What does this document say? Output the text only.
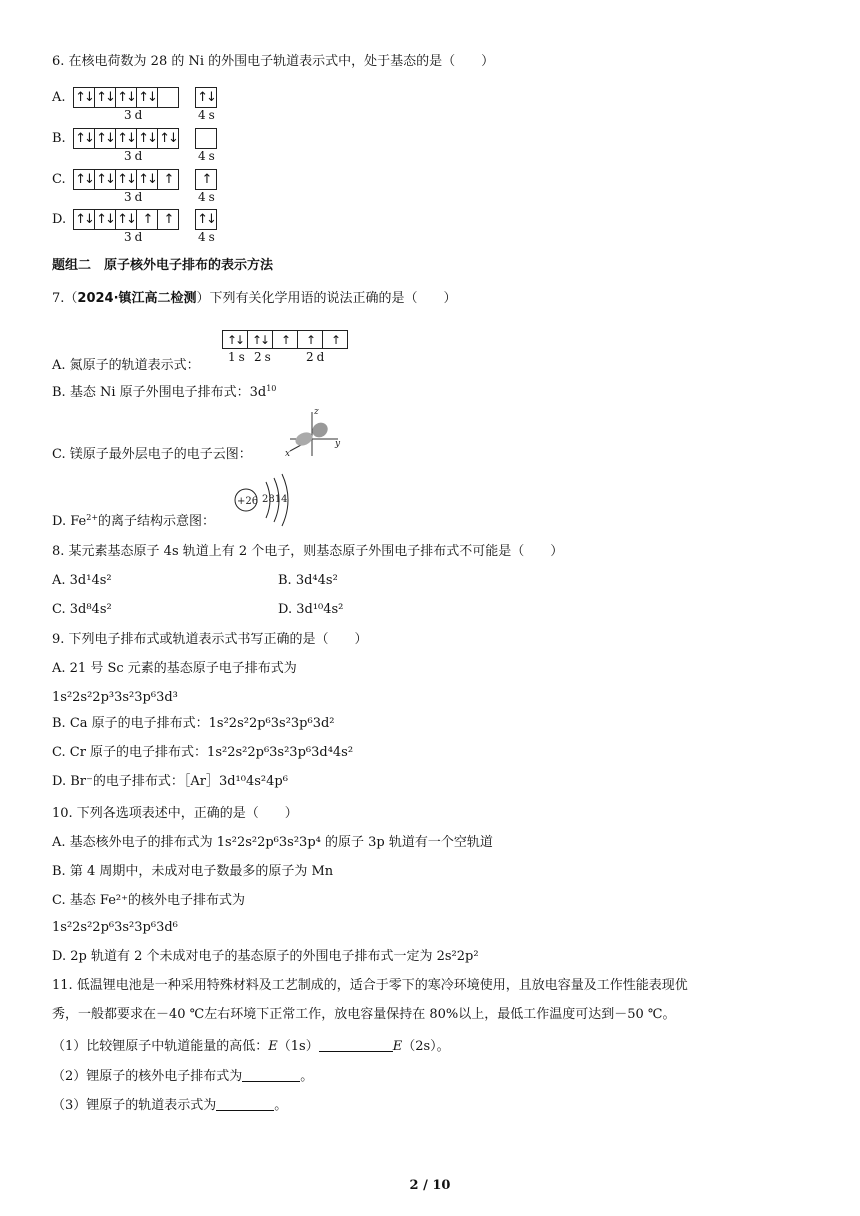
6. 在核电荷数为 28 的 Ni 的外围电子轨道表示式中，处于基态的是（　　）
A. ↑↓ ↑↓ ↑↓ ↑↓	↑↓
3d	4s
B. ↑↓ ↑↓ ↑↓ ↑↓ ↑↓
3d	4s
C. ↑↓ ↑↓ ↑↓ ↑↓ ↑	↑
3d	4s
D. ↑↓ ↑↓ ↑↓ ↑ ↑	↑↓
3d	4s
题组二　原子核外电子排布的表示方法
7.（2024·镇江高二检测）下列有关化学用语的说法正确的是（　　）
A. 氮原子的轨道表示式：
↑↓ ↑↓	↑	↑	↑
1s 2s	2d
B. 基态 Ni 原子外围电子排布式：$3d^{10}$
C. 镁原子最外层电子的电子云图：
z
y
x
D. $Fe^{2+}$的离子结构示意图：
+26 2814
8. 某元素基态原子 4s 轨道上有 2 个电子，则基态原子外围电子排布式不可能是（　　）
A. 3d¹4s²	B. 3d⁴4s²
C. 3d⁸4s²	D. 3d¹⁰4s²
9. 下列电子排布式或轨道表示式书写正确的是（　　）
A. 21 号 Sc 元素的基态原子电子排布式为
1s²2s²2p³3s²3p⁶3d³
B. Ca 原子的电子排布式：1s²2s²2p⁶3s²3p⁶3d²
C. Cr 原子的电子排布式：1s²2s²2p⁶3s²3p⁶3d⁴4s²
D. Br⁻的电子排布式：［Ar］3d¹⁰4s²4p⁶
10. 下列各选项表述中，正确的是（　　）
A. 基态核外电子的排布式为 1s²2s²2p⁶3s²3p⁴ 的原子 3p 轨道有一个空轨道
B. 第 4 周期中，未成对电子数最多的原子为 Mn
C. 基态 Fe²⁺的核外电子排布式为
1s²2s²2p⁶3s²3p⁶3d⁶
D. 2p 轨道有 2 个未成对电子的基态原子的外围电子排布式一定为 2s²2p²
11. 低温锂电池是一种采用特殊材料及工艺制成的，适合于零下的寒冷环境使用，且放电容量及工作性能表现优
秀，一般都要求在－40 ℃左右环境下正常工作，放电容量保持在 80%以上，最低工作温度可达到－50 ℃。
（1）比较锂原子中轨道能量的高低：E（1s）	E（2s）。
（2）锂原子的核外电子排布式为	。
（3）锂原子的轨道表示式为	。
2 / 10
